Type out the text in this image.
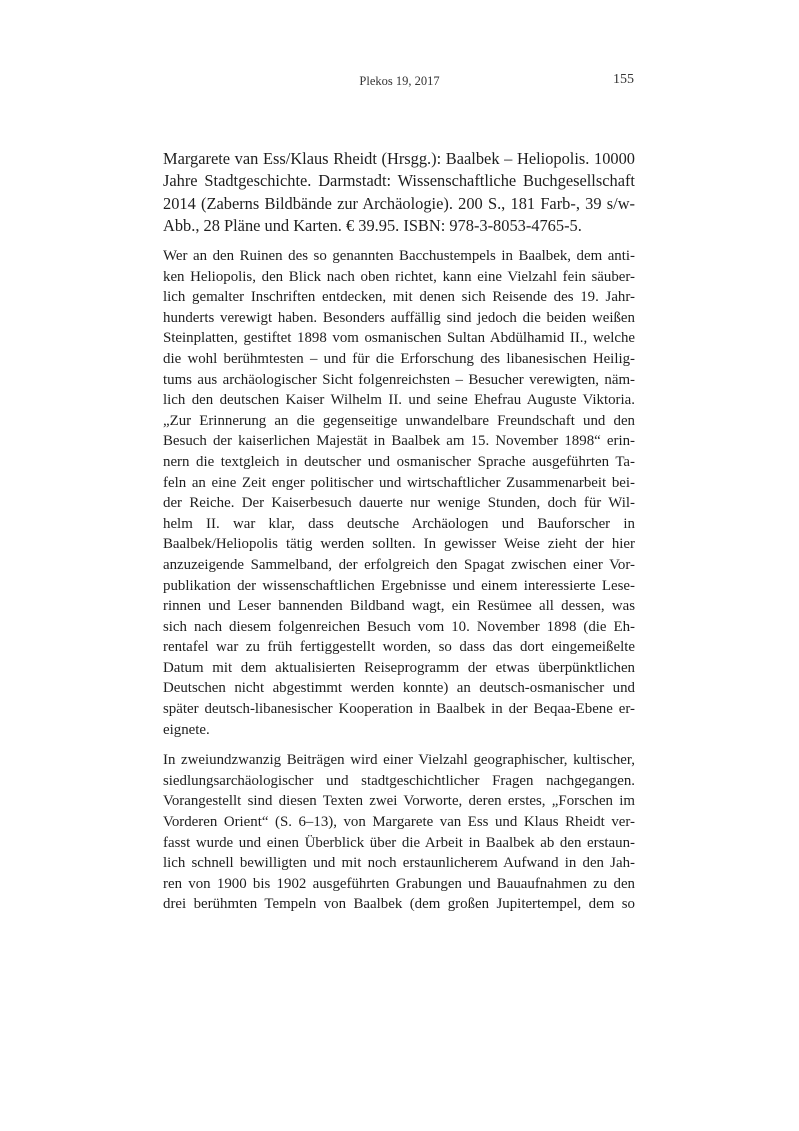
Plekos 19, 2017	155
Margarete van Ess/Klaus Rheidt (Hrsgg.): Baalbek – Heliopolis. 10000
Jahre Stadtgeschichte. Darmstadt: Wissenschaftliche Buchgesellschaft
2014 (Zaberns Bildbände zur Archäologie). 200 S., 181 Farb-, 39 s/w-
Abb., 28 Pläne und Karten. € 39.95. ISBN: 978-3-8053-4765-5.
Wer an den Ruinen des so genannten Bacchustempels in Baalbek, dem anti-
ken Heliopolis, den Blick nach oben richtet, kann eine Vielzahl fein säuber-
lich gemalter Inschriften entdecken, mit denen sich Reisende des 19. Jahr-
hunderts verewigt haben. Besonders auffällig sind jedoch die beiden weißen
Steinplatten, gestiftet 1898 vom osmanischen Sultan Abdülhamid II., welche
die wohl berühmtesten – und für die Erforschung des libanesischen Heilig-
tums aus archäologischer Sicht folgenreichsten – Besucher verewigten, näm-
lich den deutschen Kaiser Wilhelm II. und seine Ehefrau Auguste Viktoria.
„Zur Erinnerung an die gegenseitige unwandelbare Freundschaft und den
Besuch der kaiserlichen Majestät in Baalbek am 15. November 1898“ erin-
nern die textgleich in deutscher und osmanischer Sprache ausgeführten Ta-
feln an eine Zeit enger politischer und wirtschaftlicher Zusammenarbeit bei-
der Reiche. Der Kaiserbesuch dauerte nur wenige Stunden, doch für Wil-
helm II. war klar, dass deutsche Archäologen und Bauforscher in
Baalbek/Heliopolis tätig werden sollten. In gewisser Weise zieht der hier
anzuzeigende Sammelband, der erfolgreich den Spagat zwischen einer Vor-
publikation der wissenschaftlichen Ergebnisse und einem interessierte Lese-
rinnen und Leser bannenden Bildband wagt, ein Resümee all dessen, was
sich nach diesem folgenreichen Besuch vom 10. November 1898 (die Eh-
rentafel war zu früh fertiggestellt worden, so dass das dort eingemeißelte
Datum mit dem aktualisierten Reiseprogramm der etwas überpünktlichen
Deutschen nicht abgestimmt werden konnte) an deutsch-osmanischer und
später deutsch-libanesischer Kooperation in Baalbek in der Beqaa-Ebene er-
eignete.
In zweiundzwanzig Beiträgen wird einer Vielzahl geographischer, kultischer,
siedlungsarchäologischer und stadtgeschichtlicher Fragen nachgegangen.
Vorangestellt sind diesen Texten zwei Vorworte, deren erstes, „Forschen im
Vorderen Orient“ (S. 6–13), von Margarete van Ess und Klaus Rheidt ver-
fasst wurde und einen Überblick über die Arbeit in Baalbek ab den erstaun-
lich schnell bewilligten und mit noch erstaunlicherem Aufwand in den Jah-
ren von 1900 bis 1902 ausgeführten Grabungen und Bauaufnahmen zu den
drei berühmten Tempeln von Baalbek (dem großen Jupitertempel, dem so
